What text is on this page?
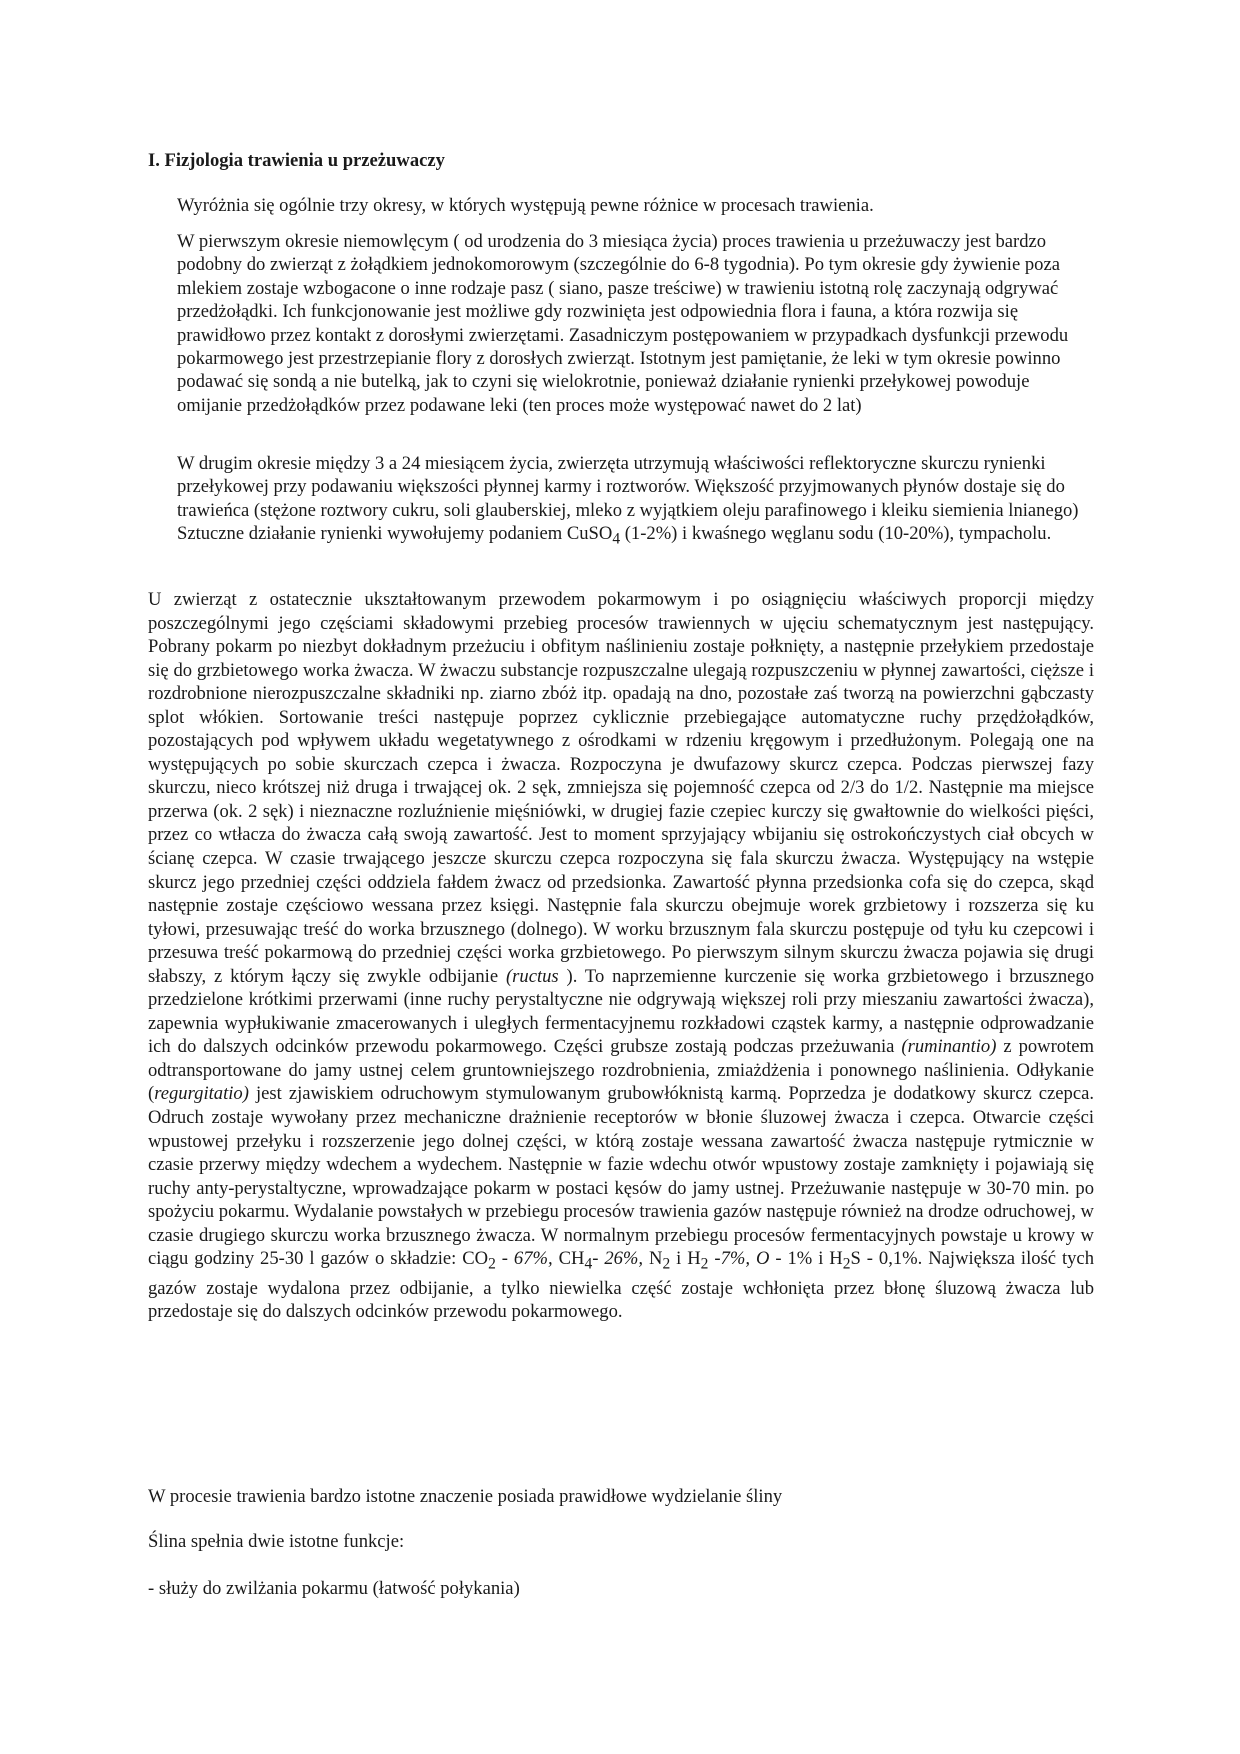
I. Fizjologia trawienia u przeżuwaczy

Wyróżnia się ogólnie trzy okresy, w których występują pewne różnice w procesach trawienia.

W pierwszym okresie niemowlęcym ( od urodzenia do 3 miesiąca życia) proces trawienia u przeżuwaczy jest bardzo podobny do zwierząt z żołądkiem jednokomorowym (szczególnie do 6-8 tygodnia). Po tym okresie gdy żywienie poza mlekiem zostaje wzbogacone o inne rodzaje pasz ( siano, pasze treściwe) w trawieniu istotną rolę zaczynają odgrywać przedżołądki. Ich funkcjonowanie jest możliwe gdy rozwinięta jest odpowiednia flora i fauna, a która rozwija się prawidłowo przez kontakt z dorosłymi zwierzętami. Zasadniczym postępowaniem w przypadkach dysfunkcji przewodu pokarmowego jest przestrzepianie flory z dorosłych zwierząt. Istotnym jest pamiętanie, że leki w tym okresie powinno podawać się sondą a nie butelką, jak to czyni się wielokrotnie, ponieważ działanie rynienki przełykowej powoduje omijanie przedżołądków przez podawane leki (ten proces może występować nawet do 2 lat)

W drugim okresie między 3 a 24 miesiącem życia, zwierzęta utrzymują właściwości reflektoryczne skurczu rynienki przełykowej przy podawaniu większości płynnej karmy i roztworów. Większość przyjmowanych płynów dostaje się do trawieńca (stężone roztwory cukru, soli glauberskiej, mleko z wyjątkiem oleju parafinowego i kleiku siemienia lnianego) Sztuczne działanie rynienki wywołujemy podaniem CuSO$_4$ (1-2%) i kwaśnego węglanu sodu (10-20%), tympacholu.

U zwierząt z ostatecznie ukształtowanym przewodem pokarmowym i po osiągnięciu właściwych proporcji między poszczególnymi jego częściami składowymi przebieg procesów trawiennych w ujęciu schematycznym jest następujący. Pobrany pokarm po niezbyt dokładnym przeżuciu i obfitym naślinieniu zostaje połknięty, a następnie przełykiem przedostaje się do grzbietowego worka żwacza. W żwaczu substancje rozpuszczalne ulegają rozpuszczeniu w płynnej zawartości, cięższe i rozdrobnione nierozpuszczalne składniki np. ziarno zbóż itp. opadają na dno, pozostałe zaś tworzą na powierzchni gąbczasty splot włókien. Sortowanie treści następuje poprzez cyklicznie przebiegające automatyczne ruchy przędżołądków, pozostających pod wpływem układu wegetatywnego z ośrodkami w rdzeniu kręgowym i przedłużonym. Polegają one na występujących po sobie skurczach czepca i żwacza. Rozpoczyna je dwufazowy skurcz czepca. Podczas pierwszej fazy skurczu, nieco krótszej niż druga i trwającej ok. 2 sęk, zmniejsza się pojemność czepca od 2/3 do 1/2. Następnie ma miejsce przerwa (ok. 2 sęk) i nieznaczne rozluźnienie mięśniówki, w drugiej fazie czepiec kurczy się gwałtownie do wielkości pięści, przez co wtłacza do żwacza całą swoją zawartość. Jest to moment sprzyjający wbijaniu się ostrokończystych ciał obcych w ścianę czepca. W czasie trwającego jeszcze skurczu czepca rozpoczyna się fala skurczu żwacza. Występujący na wstępie skurcz jego przedniej części oddziela fałdem żwacz od przedsionka. Zawartość płynna przedsionka cofa się do czepca, skąd następnie zostaje częściowo wessana przez księgi. Następnie fala skurczu obejmuje worek grzbietowy i rozszerza się ku tyłowi, przesuwając treść do worka brzusznego (dolnego). W worku brzusznym fala skurczu postępuje od tyłu ku czepcowi i przesuwa treść pokarmową do przedniej części worka grzbietowego. Po pierwszym silnym skurczu żwacza pojawia się drugi słabszy, z którym łączy się zwykle odbijanie (ructus ). To naprzemienne kurczenie się worka grzbietowego i brzusznego przedzielone krótkimi przerwami (inne ruchy perystaltyczne nie odgrywają większej roli przy mieszaniu zawartości żwacza), zapewnia wypłukiwanie zmacerowanych i uległych fermentacyjnemu rozkładowi cząstek karmy, a następnie odprowadzanie ich do dalszych odcinków przewodu pokarmowego. Części grubsze zostają podczas przeżuwania (ruminantio) z powrotem odtransportowane do jamy ustnej celem gruntowniejszego rozdrobnienia, zmiażdżenia i ponownego naślinienia. Odłykanie (regurgitatio) jest zjawiskiem odruchowym stymulowanym grubowłóknistą karmą. Poprzedza je dodatkowy skurcz czepca. Odruch zostaje wywołany przez mechaniczne drażnienie receptorów w błonie śluzowej żwacza i czepca. Otwarcie części wpustowej przełyku i rozszerzenie jego dolnej części, w którą zostaje wessana zawartość żwacza następuje rytmicznie w czasie przerwy między wdechem a wydechem. Następnie w fazie wdechu otwór wpustowy zostaje zamknięty i pojawiają się ruchy anty-perystaltyczne, wprowadzające pokarm w postaci kęsów do jamy ustnej. Przeżuwanie następuje w 30-70 min. po spożyciu pokarmu. Wydalanie powstałych w przebiegu procesów trawienia gazów następuje również na drodze odruchowej, w czasie drugiego skurczu worka brzusznego żwacza. W normalnym przebiegu procesów fermentacyjnych powstaje u krowy w ciągu godziny 25-30 l gazów o składzie: $CO_2 - 67\%$, $CH_4-$ 26%, $N_2$ i $H_2$ -7%, O - 1% i $H_2S - 0,1\%$. Największa ilość tych gazów zostaje wydalona przez odbijanie, a tylko niewielka część zostaje wchłonięta przez błonę śluzową żwacza lub przedostaje się do dalszych odcinków przewodu pokarmowego.

W procesie trawienia bardzo istotne znaczenie posiada prawidłowe wydzielanie śliny

Ślina spełnia dwie istotne funkcje:

- służy do zwilżania pokarmu (łatwość połykania)
